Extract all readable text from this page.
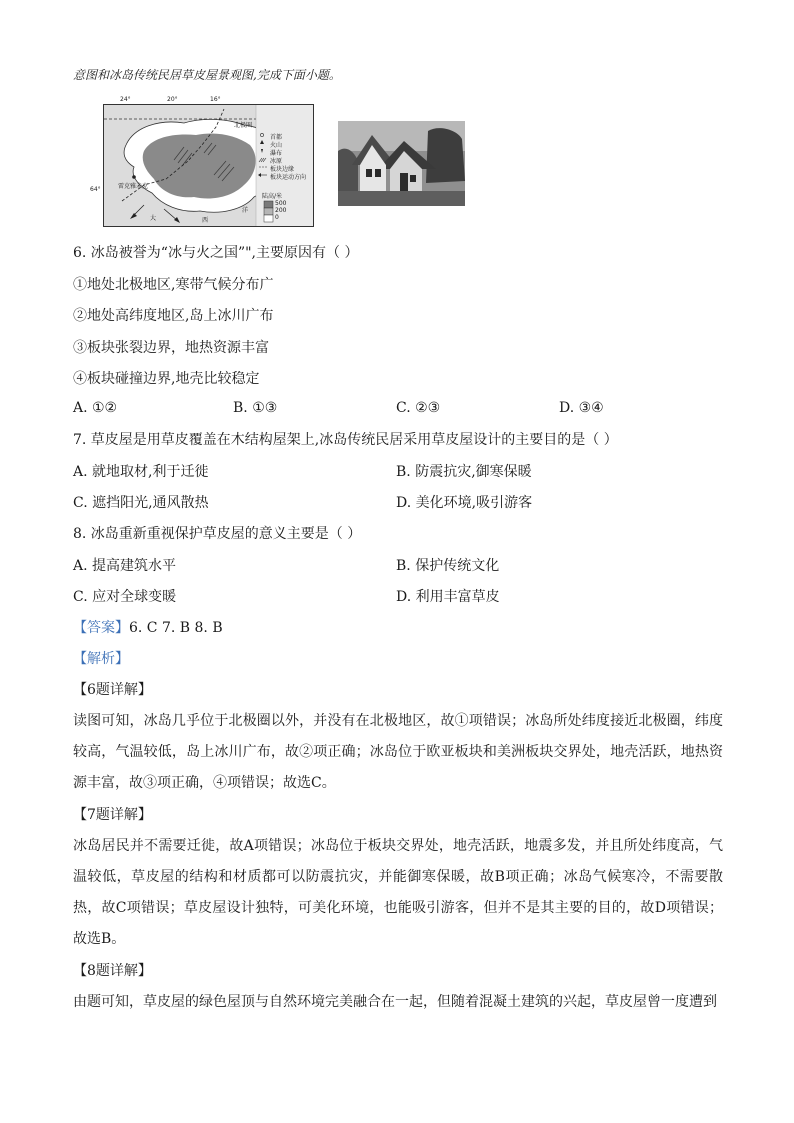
意图和冰岛传统民居草皮屋景观图,完成下面小题。
24°	20°	16°
64°
北极圈
雷克雅未克
洋
大	西
首都
火山
瀑布
冰原
板块边缘
板块运动方向
陆高/米
500
200
0
6. 冰岛被誉为“冰与火之国”",主要原因有（ ）
①地处北极地区,寒带气候分布广
②地处高纬度地区,岛上冰川广布
③板块张裂边界，地热资源丰富
④板块碰撞边界,地壳比较稳定
A. ①②	B. ①③	C. ②③	D. ③④
7. 草皮屋是用草皮覆盖在木结构屋架上,冰岛传统民居采用草皮屋设计的主要目的是（ ）
A. 就地取材,利于迁徙	B. 防震抗灾,御寒保暖
C. 遮挡阳光,通风散热	D. 美化环境,吸引游客
8. 冰岛重新重视保护草皮屋的意义主要是（ ）
A. 提高建筑水平	B. 保护传统文化
C. 应对全球变暖	D. 利用丰富草皮
【答案】6. C 7. B 8. B
【解析】
【6题详解】
读图可知，冰岛几乎位于北极圈以外，并没有在北极地区，故①项错误；冰岛所处纬度接近北极圈，纬度较高，气温较低，岛上冰川广布，故②项正确；冰岛位于欧亚板块和美洲板块交界处，地壳活跃，地热资源丰富，故③项正确，④项错误；故选C。
【7题详解】
冰岛居民并不需要迁徙，故A项错误；冰岛位于板块交界处，地壳活跃，地震多发，并且所处纬度高，气温较低，草皮屋的结构和材质都可以防震抗灾，并能御寒保暖，故B项正确；冰岛气候寒冷，不需要散热，故C项错误；草皮屋设计独特，可美化环境，也能吸引游客，但并不是其主要的目的，故D项错误；故选B。
【8题详解】
由题可知，草皮屋的绿色屋顶与自然环境完美融合在一起，但随着混凝土建筑的兴起，草皮屋曾一度遭到
